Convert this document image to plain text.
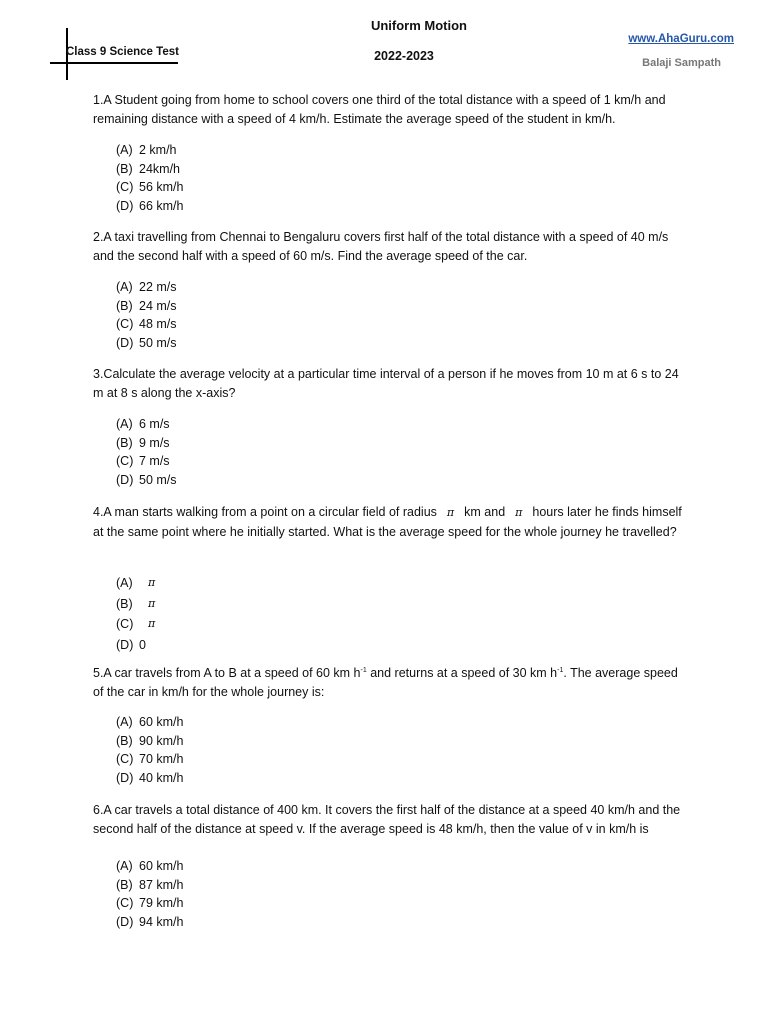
Class 9 Science Test
Uniform Motion
2022-2023
www.AhaGuru.com
Balaji Sampath
1.A Student going from home to school covers one third of the total distance with a speed of 1 km/h and remaining distance with a speed of 4 km/h. Estimate the average speed of the student in km/h.
(A) 2 km/h
(B) 24km/h
(C) 56 km/h
(D) 66 km/h
2.A taxi travelling from Chennai to Bengaluru covers first half of the total distance with a speed of 40 m/s and the second half with a speed of 60 m/s. Find the average speed of the car.
(A) 22 m/s
(B) 24 m/s
(C) 48 m/s
(D) 50 m/s
3.Calculate the average velocity at a particular time interval of a person if he moves from 10 m at 6 s to 24 m at 8 s along the x-axis?
(A) 6 m/s
(B) 9 m/s
(C) 7 m/s
(D) 50 m/s
4.A man starts walking from a point on a circular field of radius π km and π hours later he finds himself at the same point where he initially started. What is the average speed for the whole journey he travelled?
(A)	π
(B)	π
(C)	π
(D) 0
5.A car travels from A to B at a speed of 60 km $h^{-1}$ and returns at a speed of 30 km $h^{-1}$. The average speed of the car in km/h for the whole journey is:
(A) 60 km/h
(B) 90 km/h
(C) 70 km/h
(D) 40 km/h
6.A car travels a total distance of 400 km. It covers the first half of the distance at a speed 40 km/h and the second half of the distance at speed v. If the average speed is 48 km/h, then the value of v in km/h is
(A) 60 km/h
(B) 87 km/h
(C) 79 km/h
(D) 94 km/h
